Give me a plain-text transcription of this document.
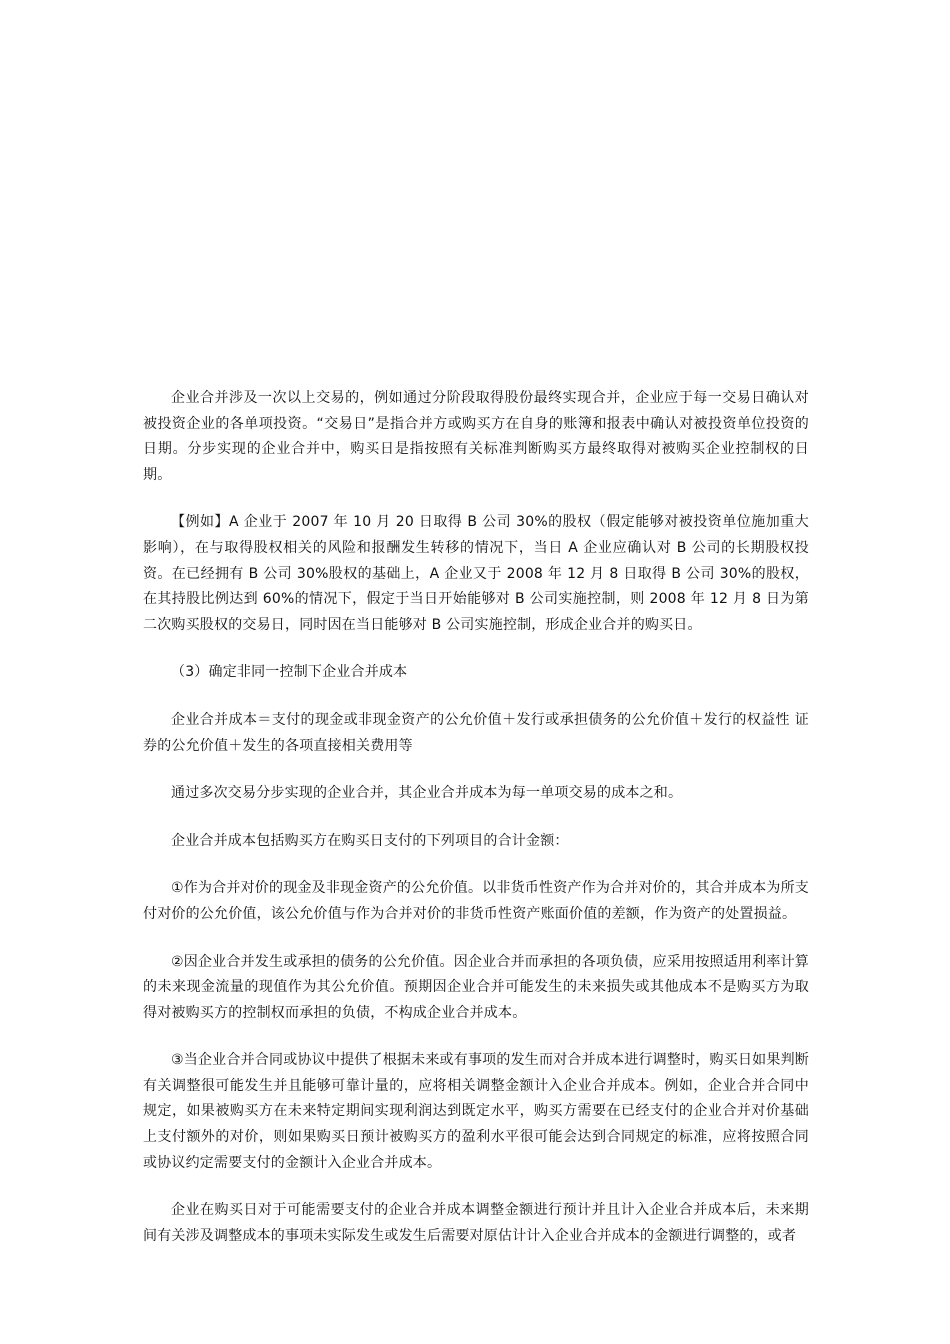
企业合并涉及一次以上交易的，例如通过分阶段取得股份最终实现合并，企业应于每一交易日确认对被投资企业的各单项投资。“交易日”是指合并方或购买方在自身的账簿和报表中确认对被投资单位投资的日期。分步实现的企业合并中，购买日是指按照有关标准判断购买方最终取得对被购买企业控制权的日期。

【例如】A 企业于 2007 年 10 月 20 日取得 B 公司 30%的股权（假定能够对被投资单位施加重大影响），在与取得股权相关的风险和报酬发生转移的情况下，当日 A 企业应确认对 B 公司的长期股权投资。在已经拥有 B 公司 30%股权的基础上，A 企业又于 2008 年 12 月 8 日取得 B 公司 30%的股权，在其持股比例达到 60%的情况下，假定于当日开始能够对 B 公司实施控制，则 2008 年 12 月 8 日为第二次购买股权的交易日，同时因在当日能够对 B 公司实施控制，形成企业合并的购买日。

（3）确定非同一控制下企业合并成本

企业合并成本＝支付的现金或非现金资产的公允价值＋发行或承担债务的公允价值＋发行的权益性 证券的公允价值＋发生的各项直接相关费用等

通过多次交易分步实现的企业合并，其企业合并成本为每一单项交易的成本之和。

企业合并成本包括购买方在购买日支付的下列项目的合计金额：

①作为合并对价的现金及非现金资产的公允价值。以非货币性资产作为合并对价的，其合并成本为所支付对价的公允价值，该公允价值与作为合并对价的非货币性资产账面价值的差额，作为资产的处置损益。

②因企业合并发生或承担的债务的公允价值。因企业合并而承担的各项负债，应采用按照适用利率计算的未来现金流量的现值作为其公允价值。预期因企业合并可能发生的未来损失或其他成本不是购买方为取得对被购买方的控制权而承担的负债，不构成企业合并成本。

③当企业合并合同或协议中提供了根据未来或有事项的发生而对合并成本进行调整时，购买日如果判断有关调整很可能发生并且能够可靠计量的，应将相关调整金额计入企业合并成本。例如，企业合并合同中规定，如果被购买方在未来特定期间实现利润达到既定水平，购买方需要在已经支付的企业合并对价基础上支付额外的对价，则如果购买日预计被购买方的盈利水平很可能会达到合同规定的标准，应将按照合同或协议约定需要支付的金额计入企业合并成本。

企业在购买日对于可能需要支付的企业合并成本调整金额进行预计并且计入企业合并成本后，未来期间有关涉及调整成本的事项未实际发生或发生后需要对原估计计入企业合并成本的金额进行调整的，或者
